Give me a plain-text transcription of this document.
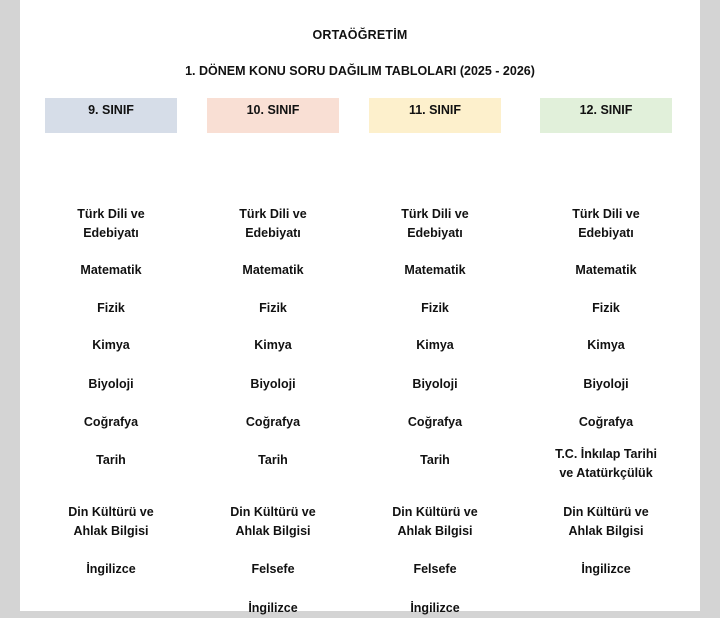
ORTAÖĞRETİM
1. DÖNEM KONU SORU DAĞILIM TABLOLARI (2025 - 2026)
9. SINIF
Türk Dili ve Edebiyatı
Matematik
Fizik
Kimya
Biyoloji
Coğrafya
Tarih
Din Kültürü ve Ahlak Bilgisi
İngilizce
10. SINIF
Türk Dili ve Edebiyatı
Matematik
Fizik
Kimya
Biyoloji
Coğrafya
Tarih
Din Kültürü ve Ahlak Bilgisi
Felsefe
İngilizce
11. SINIF
Türk Dili ve Edebiyatı
Matematik
Fizik
Kimya
Biyoloji
Coğrafya
Tarih
Din Kültürü ve Ahlak Bilgisi
Felsefe
İngilizce
12. SINIF
Türk Dili ve Edebiyatı
Matematik
Fizik
Kimya
Biyoloji
Coğrafya
T.C. İnkılap Tarihi ve Atatürkçülük
Din Kültürü ve Ahlak Bilgisi
İngilizce
